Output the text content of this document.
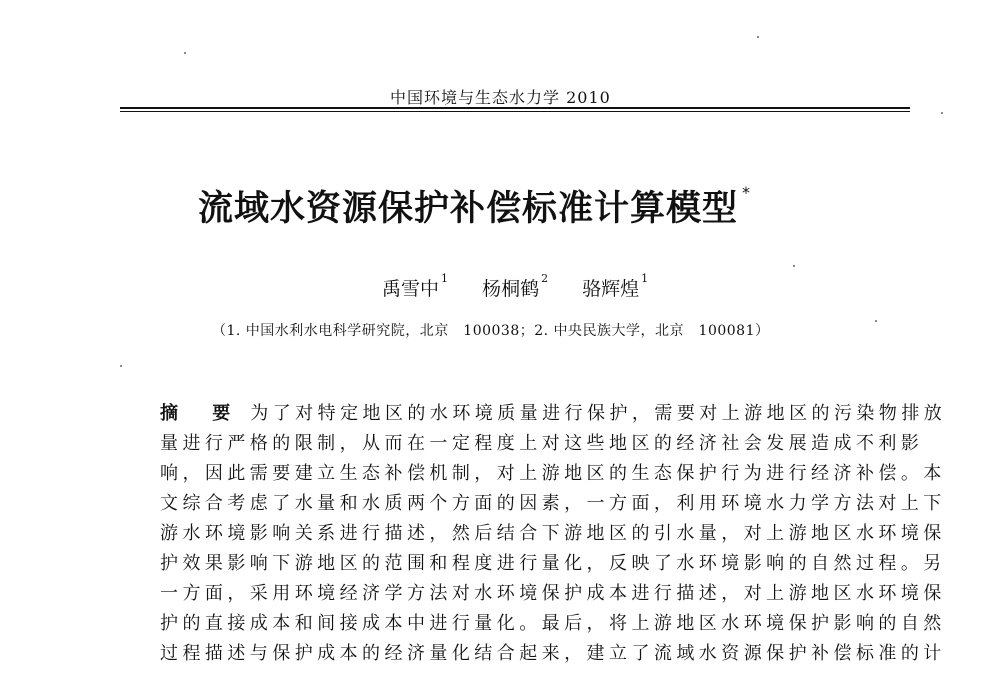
中国环境与生态水力学 2010
流域水资源保护补偿标准计算模型 *
禹雪中 $^1$ 杨桐鹤 $^2$ 骆辉煌 $^1$
（1. 中国水利水电科学研究院，北京　100038；2. 中央民族大学，北京　100081）
摘 要 为了对特定地区的水环境质量进行保护，需要对上游地区的污染物排放
量进行严格的限制，从而在一定程度上对这些地区的经济社会发展造成不利影
响，因此需要建立生态补偿机制，对上游地区的生态保护行为进行经济补偿。本
文综合考虑了水量和水质两个方面的因素，一方面，利用环境水力学方法对上下
游水环境影响关系进行描述，然后结合下游地区的引水量，对上游地区水环境保
护效果影响下游地区的范围和程度进行量化，反映了水环境影响的自然过程。另
一方面，采用环境经济学方法对水环境保护成本进行描述，对上游地区水环境保
护的直接成本和间接成本中进行量化。最后，将上游地区水环境保护影响的自然
过程描述与保护成本的经济量化结合起来，建立了流域水资源保护补偿标准的计
